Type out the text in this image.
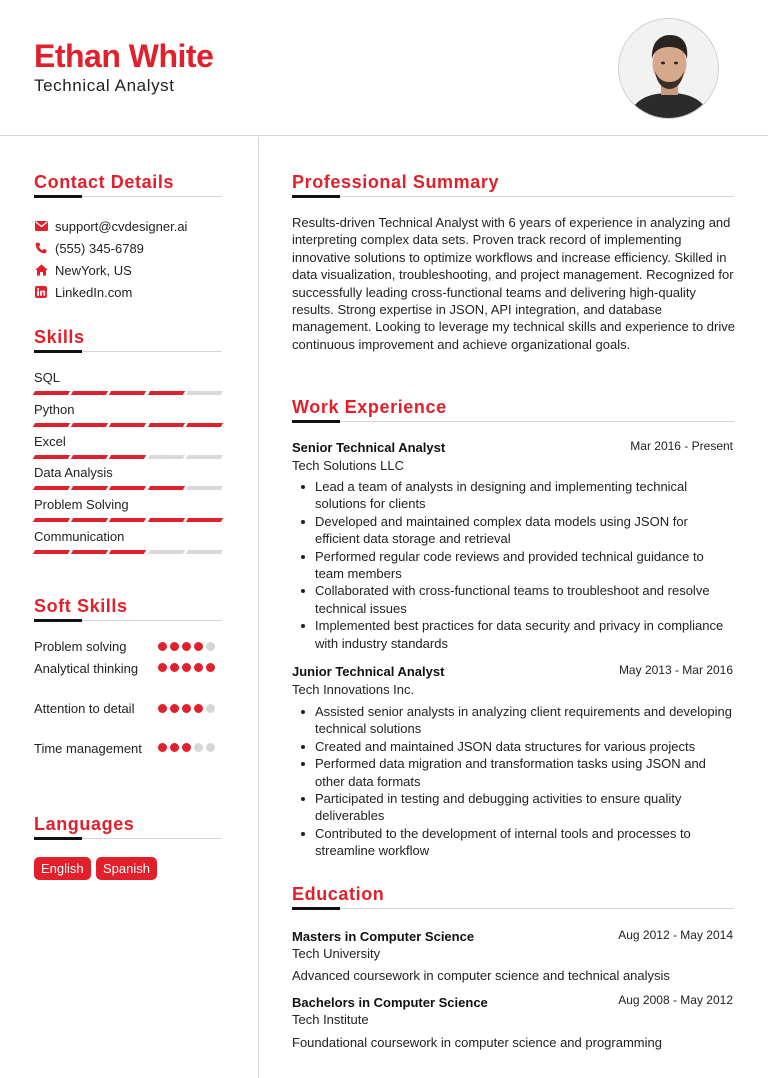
Ethan White
Technical Analyst
Contact Details
support@cvdesigner.ai
(555) 345-6789
NewYork, US
LinkedIn.com
Skills
SQL
Python
Excel
Data Analysis
Problem Solving
Communication
Soft Skills
Problem solving
Analytical thinking
Attention to detail
Time management
Languages
English	Spanish
Professional Summary
Results-driven Technical Analyst with 6 years of experience in analyzing and interpreting complex data sets. Proven track record of implementing innovative solutions to optimize workflows and increase efficiency. Skilled in data visualization, troubleshooting, and project management. Recognized for successfully leading cross-functional teams and delivering high-quality results. Strong expertise in JSON, API integration, and database management. Looking to leverage my technical skills and experience to drive continuous improvement and achieve organizational goals.
Work Experience
Senior Technical Analyst	Mar 2016 - Present
Tech Solutions LLC
Lead a team of analysts in designing and implementing technical solutions for clients
Developed and maintained complex data models using JSON for efficient data storage and retrieval
Performed regular code reviews and provided technical guidance to team members
Collaborated with cross-functional teams to troubleshoot and resolve technical issues
Implemented best practices for data security and privacy in compliance with industry standards
Junior Technical Analyst	May 2013 - Mar 2016
Tech Innovations Inc.
Assisted senior analysts in analyzing client requirements and developing technical solutions
Created and maintained JSON data structures for various projects
Performed data migration and transformation tasks using JSON and other data formats
Participated in testing and debugging activities to ensure quality deliverables
Contributed to the development of internal tools and processes to streamline workflow
Education
Masters in Computer Science	Aug 2012 - May 2014
Tech University
Advanced coursework in computer science and technical analysis
Bachelors in Computer Science	Aug 2008 - May 2012
Tech Institute
Foundational coursework in computer science and programming
